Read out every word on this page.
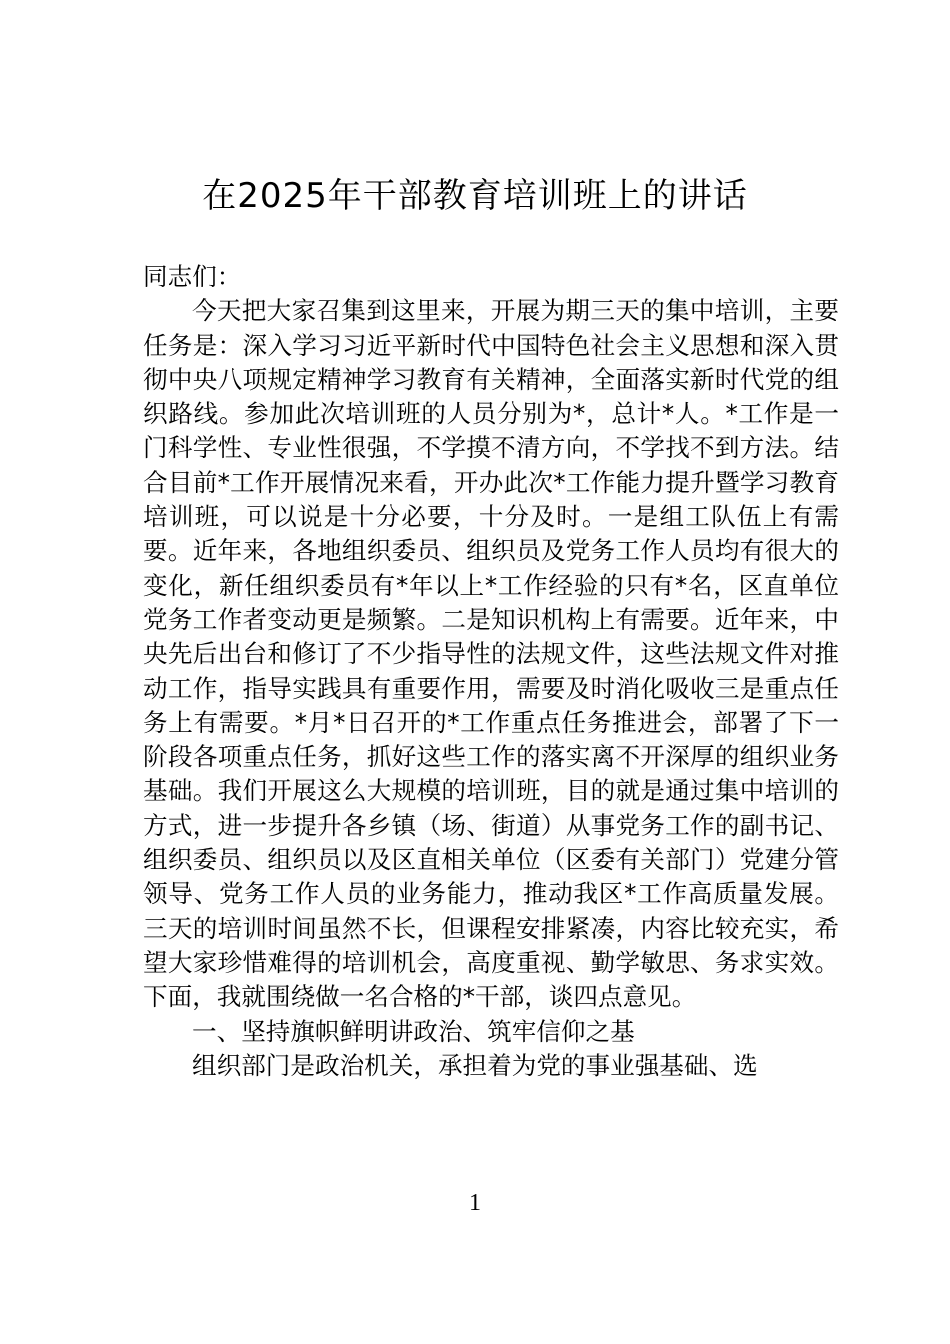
在2025年干部教育培训班上的讲话

同志们：

今天把大家召集到这里来，开展为期三天的集中培训，主要任务是：深入学习习近平新时代中国特色社会主义思想和深入贯彻中央八项规定精神学习教育有关精神，全面落实新时代党的组织路线。参加此次培训班的人员分别为*，总计*人。*工作是一门科学性、专业性很强，不学摸不清方向，不学找不到方法。结合目前*工作开展情况来看，开办此次*工作能力提升暨学习教育培训班，可以说是十分必要，十分及时。一是组工队伍上有需要。近年来，各地组织委员、组织员及党务工作人员均有很大的变化，新任组织委员有*年以上*工作经验的只有*名，区直单位党务工作者变动更是频繁。二是知识机构上有需要。近年来，中央先后出台和修订了不少指导性的法规文件，这些法规文件对推动工作，指导实践具有重要作用，需要及时消化吸收三是重点任务上有需要。*月*日召开的*工作重点任务推进会，部署了下一阶段各项重点任务，抓好这些工作的落实离不开深厚的组织业务基础。我们开展这么大规模的培训班，目的就是通过集中培训的方式，进一步提升各乡镇（场、街道）从事党务工作的副书记、组织委员、组织员以及区直相关单位（区委有关部门）党建分管领导、党务工作人员的业务能力，推动我区*工作高质量发展。三天的培训时间虽然不长，但课程安排紧凑，内容比较充实，希望大家珍惜难得的培训机会，高度重视、勤学敏思、务求实效。下面，我就围绕做一名合格的*干部，谈四点意见。

一、坚持旗帜鲜明讲政治、筑牢信仰之基

组织部门是政治机关，承担着为党的事业强基础、选

1
